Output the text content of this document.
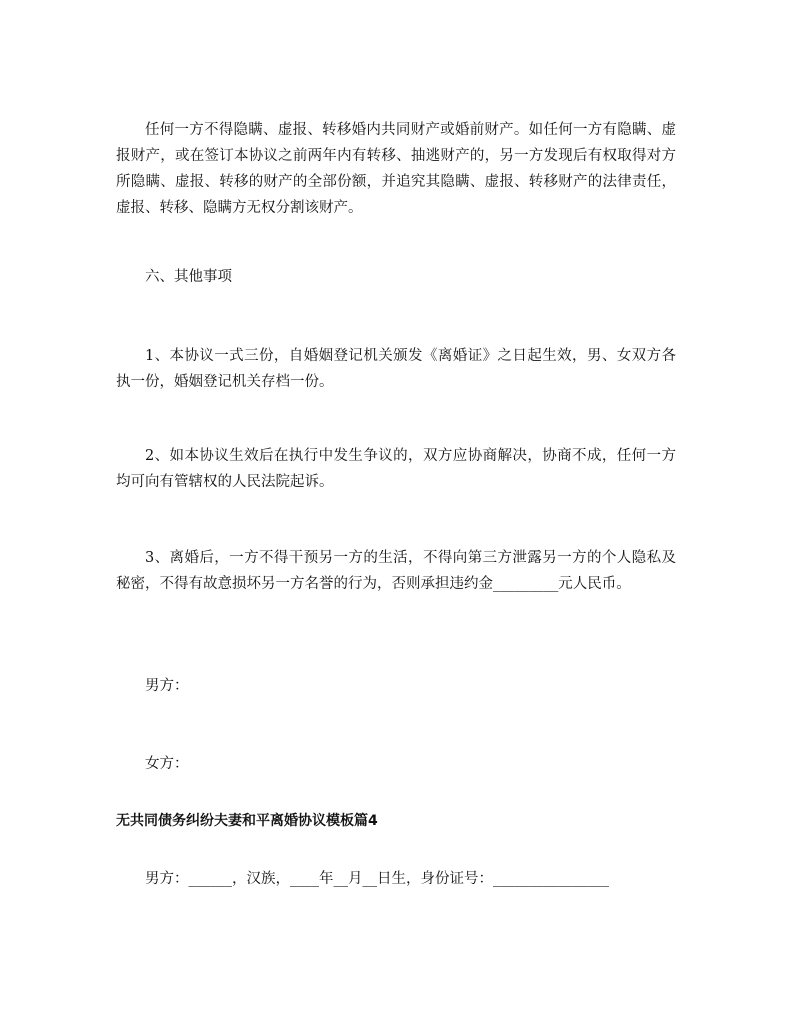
任何一方不得隐瞒、虚报、转移婚内共同财产或婚前财产。如任何一方有隐瞒、虚报财产，或在签订本协议之前两年内有转移、抽逃财产的，另一方发现后有权取得对方所隐瞒、虚报、转移的财产的全部份额，并追究其隐瞒、虚报、转移财产的法律责任，虚报、转移、隐瞒方无权分割该财产。
六、其他事项
1、本协议一式三份，自婚姻登记机关颁发《离婚证》之日起生效，男、女双方各执一份，婚姻登记机关存档一份。
2、如本协议生效后在执行中发生争议的，双方应协商解决，协商不成，任何一方均可向有管辖权的人民法院起诉。
3、离婚后，一方不得干预另一方的生活，不得向第三方泄露另一方的个人隐私及秘密，不得有故意损坏另一方名誉的行为，否则承担违约金_________元人民币。
男方：
女方：
无共同债务纠纷夫妻和平离婚协议模板篇4
男方：______，汉族，____年__月__日生，身份证号：________________
